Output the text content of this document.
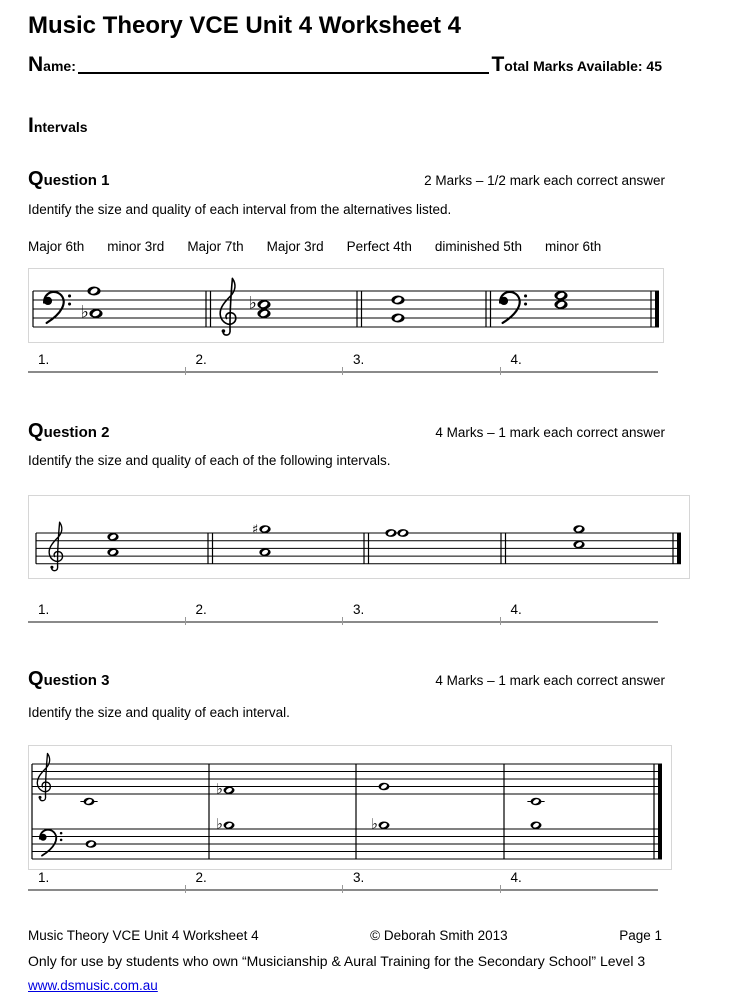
Music Theory VCE Unit 4 Worksheet 4
Name:	Total Marks Available: 45
Intervals
Question 1	2 Marks – 1/2 mark each correct answer
Identify the size and quality of each interval from the alternatives listed.
Major 6th minor 3rd Major 7th Major 3rd Perfect 4th diminished 5th minor 6th
♭	♭
1.	2.	3.	4.
Question 2	4 Marks – 1 mark each correct answer
Identify the size and quality of each of the following intervals.
♯
1.	2.	3.	4.
Question 3	4 Marks – 1 mark each correct answer
Identify the size and quality of each interval.
♭
♭	♭
1.	2.	3.	4.
Music Theory VCE Unit 4 Worksheet 4	© Deborah Smith 2013	Page 1
Only for use by students who own “Musicianship & Aural Training for the Secondary School” Level 3
www.dsmusic.com.au
